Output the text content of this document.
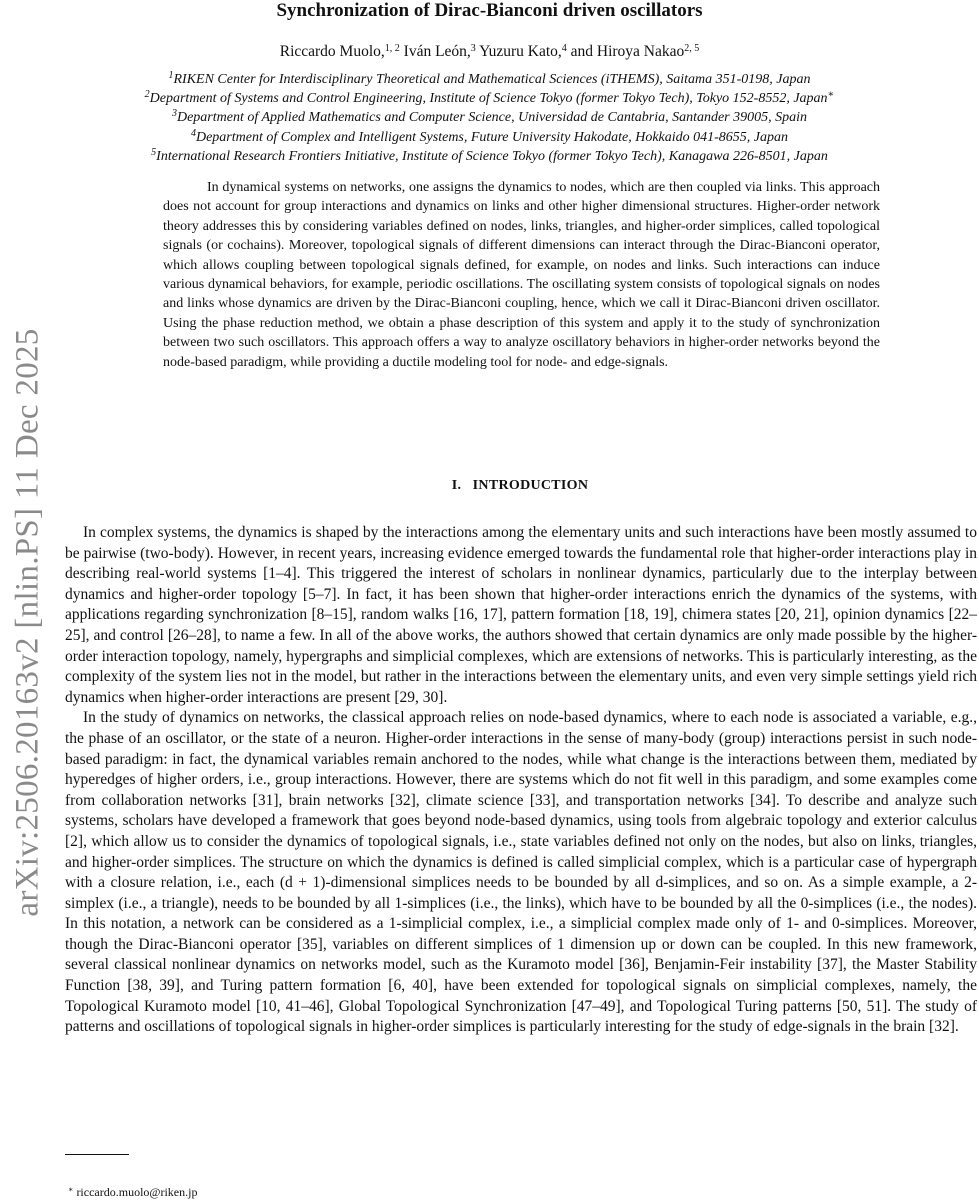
arXiv:2506.20163v2 [nlin.PS] 11 Dec 2025
Synchronization of Dirac-Bianconi driven oscillators
Riccardo Muolo,$^{1, 2}$ Iván León,$^3$ Yuzuru Kato,$^4$ and Hiroya Nakao$^{2, 5}$
$^1$RIKEN Center for Interdisciplinary Theoretical and Mathematical Sciences (iTHEMS), Saitama 351-0198, Japan
$^2$Department of Systems and Control Engineering, Institute of Science Tokyo (former Tokyo Tech), Tokyo 152-8552, Japan∗
$^3$Department of Applied Mathematics and Computer Science, Universidad de Cantabria, Santander 39005, Spain
$^4$Department of Complex and Intelligent Systems, Future University Hakodate, Hokkaido 041-8655, Japan
$^5$International Research Frontiers Initiative, Institute of Science Tokyo (former Tokyo Tech), Kanagawa 226-8501, Japan

In dynamical systems on networks, one assigns the dynamics to nodes, which are then coupled via links. This approach does not account for group interactions and dynamics on links and other higher dimensional structures. Higher-order network theory addresses this by considering variables defined on nodes, links, triangles, and higher-order simplices, called topological signals (or cochains). Moreover, topological signals of different dimensions can interact through the Dirac-Bianconi operator, which allows coupling between topological signals defined, for example, on nodes and links. Such interactions can induce various dynamical behaviors, for example, periodic oscillations. The oscillating system consists of topological signals on nodes and links whose dynamics are driven by the Dirac-Bianconi coupling, hence, which we call it Dirac-Bianconi driven oscillator. Using the phase reduction method, we obtain a phase description of this system and apply it to the study of synchronization between two such oscillators. This approach offers a way to analyze oscillatory behaviors in higher-order networks beyond the node-based paradigm, while providing a ductile modeling tool for node- and edge-signals.

I. INTRODUCTION

In complex systems, the dynamics is shaped by the interactions among the elementary units and such interactions have been mostly assumed to be pairwise (two-body). However, in recent years, increasing evidence emerged towards the fundamental role that higher-order interactions play in describing real-world systems [1–4]. This triggered the interest of scholars in nonlinear dynamics, particularly due to the interplay between dynamics and higher-order topology [5–7]. In fact, it has been shown that higher-order interactions enrich the dynamics of the systems, with applications regarding synchronization [8–15], random walks [16, 17], pattern formation [18, 19], chimera states [20, 21], opinion dynamics [22–25], and control [26–28], to name a few. In all of the above works, the authors showed that certain dynamics are only made possible by the higher-order interaction topology, namely, hypergraphs and simplicial complexes, which are extensions of networks. This is particularly interesting, as the complexity of the system lies not in the model, but rather in the interactions between the elementary units, and even very simple settings yield rich dynamics when higher-order interactions are present [29, 30].

In the study of dynamics on networks, the classical approach relies on node-based dynamics, where to each node is associated a variable, e.g., the phase of an oscillator, or the state of a neuron. Higher-order interactions in the sense of many-body (group) interactions persist in such node-based paradigm: in fact, the dynamical variables remain anchored to the nodes, while what change is the interactions between them, mediated by hyperedges of higher orders, i.e., group interactions. However, there are systems which do not fit well in this paradigm, and some examples come from collaboration networks [31], brain networks [32], climate science [33], and transportation networks [34]. To describe and analyze such systems, scholars have developed a framework that goes beyond node-based dynamics, using tools from algebraic topology and exterior calculus [2], which allow us to consider the dynamics of topological signals, i.e., state variables defined not only on the nodes, but also on links, triangles, and higher-order simplices. The structure on which the dynamics is defined is called simplicial complex, which is a particular case of hypergraph with a closure relation, i.e., each (d + 1)-dimensional simplices needs to be bounded by all d-simplices, and so on. As a simple example, a 2-simplex (i.e., a triangle), needs to be bounded by all 1-simplices (i.e., the links), which have to be bounded by all the 0-simplices (i.e., the nodes). In this notation, a network can be considered as a 1-simplicial complex, i.e., a simplicial complex made only of 1- and 0-simplices. Moreover, though the Dirac-Bianconi operator [35], variables on different simplices of 1 dimension up or down can be coupled. In this new framework, several classical nonlinear dynamics on networks model, such as the Kuramoto model [36], Benjamin-Feir instability [37], the Master Stability Function [38, 39], and Turing pattern formation [6, 40], have been extended for topological signals on simplicial complexes, namely, the Topological Kuramoto model [10, 41–46], Global Topological Synchronization [47–49], and Topological Turing patterns [50, 51]. The study of patterns and oscillations of topological signals in higher-order simplices is particularly interesting for the study of edge-signals in the brain [32].

∗ riccardo.muolo@riken.jp
